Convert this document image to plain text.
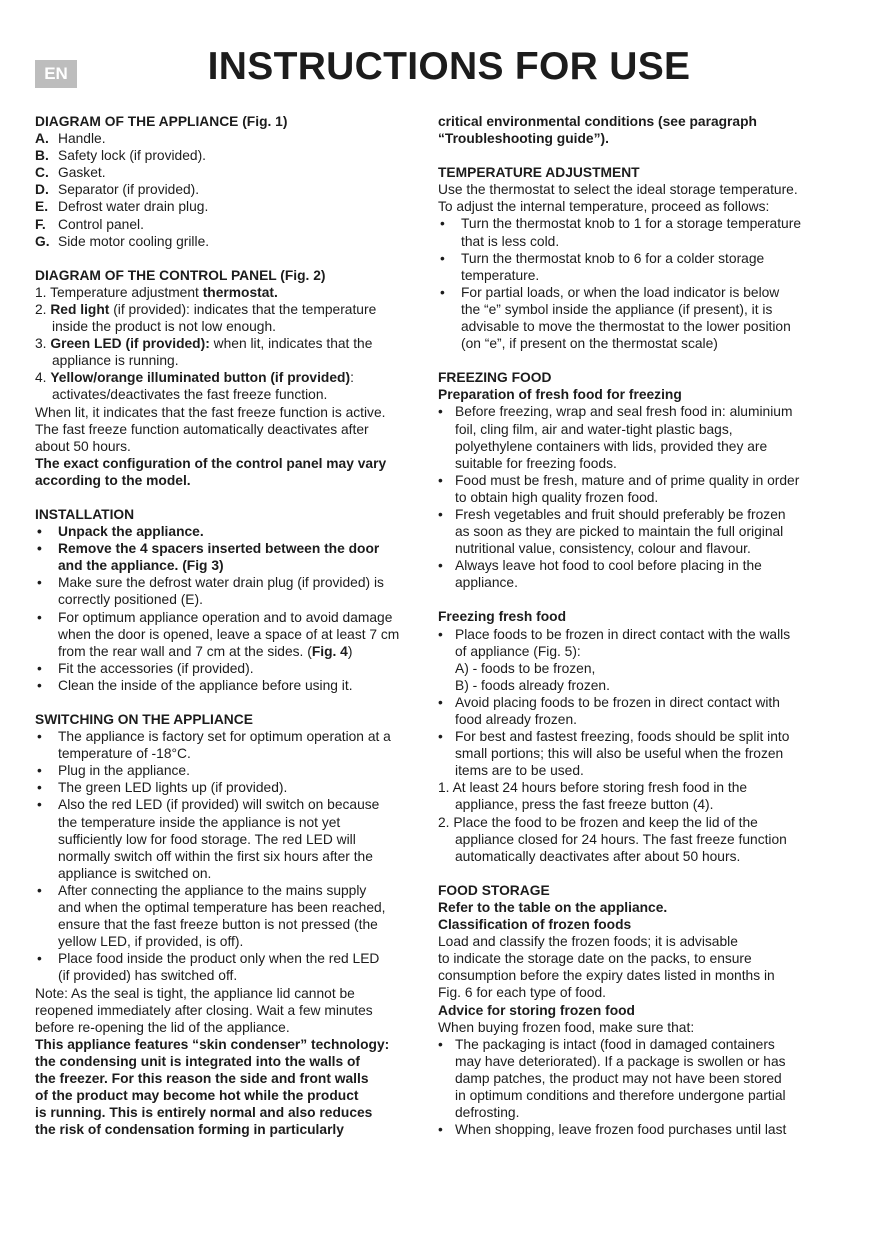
EN	INSTRUCTIONS FOR USE
DIAGRAM OF THE APPLIANCE (Fig. 1)
A. Handle.
B. Safety lock (if provided).
C. Gasket.
D. Separator (if provided).
E. Defrost water drain plug.
F. Control panel.
G. Side motor cooling grille.
DIAGRAM OF THE CONTROL PANEL (Fig. 2)
1. Temperature adjustment thermostat.
2. Red light (if provided): indicates that the temperature
inside the product is not low enough.
3. Green LED (if provided): when lit, indicates that the
appliance is running.
4. Yellow/orange illuminated button (if provided):
activates/deactivates the fast freeze function.
When lit, it indicates that the fast freeze function is active.
The fast freeze function automatically deactivates after
about 50 hours.
The exact configuration of the control panel may vary
according to the model.
INSTALLATION
• Unpack the appliance.
• Remove the 4 spacers inserted between the door
and the appliance. (Fig 3)
• Make sure the defrost water drain plug (if provided) is
correctly positioned (E).
• For optimum appliance operation and to avoid damage
when the door is opened, leave a space of at least 7 cm
from the rear wall and 7 cm at the sides. (Fig. 4)
• Fit the accessories (if provided).
• Clean the inside of the appliance before using it.
SWITCHING ON THE APPLIANCE
• The appliance is factory set for optimum operation at a
temperature of -18°C.
• Plug in the appliance.
• The green LED lights up (if provided).
• Also the red LED (if provided) will switch on because
the temperature inside the appliance is not yet
sufficiently low for food storage. The red LED will
normally switch off within the first six hours after the
appliance is switched on.
• After connecting the appliance to the mains supply
and when the optimal temperature has been reached,
ensure that the fast freeze button is not pressed (the
yellow LED, if provided, is off).
• Place food inside the product only when the red LED
(if provided) has switched off.
Note: As the seal is tight, the appliance lid cannot be
reopened immediately after closing. Wait a few minutes
before re-opening the lid of the appliance.
This appliance features “skin condenser” technology:
the condensing unit is integrated into the walls of
the freezer. For this reason the side and front walls
of the product may become hot while the product
is running. This is entirely normal and also reduces
the risk of condensation forming in particularly
critical environmental conditions (see paragraph
“Troubleshooting guide”).
TEMPERATURE ADJUSTMENT
Use the thermostat to select the ideal storage temperature.
To adjust the internal temperature, proceed as follows:
• Turn the thermostat knob to 1 for a storage temperature
that is less cold.
• Turn the thermostat knob to 6 for a colder storage
temperature.
• For partial loads, or when the load indicator is below
the “e” symbol inside the appliance (if present), it is
advisable to move the thermostat to the lower position
(on “e”, if present on the thermostat scale)
FREEZING FOOD
Preparation of fresh food for freezing
• Before freezing, wrap and seal fresh food in: aluminium
foil, cling film, air and water-tight plastic bags,
polyethylene containers with lids, provided they are
suitable for freezing foods.
• Food must be fresh, mature and of prime quality in order
to obtain high quality frozen food.
• Fresh vegetables and fruit should preferably be frozen
as soon as they are picked to maintain the full original
nutritional value, consistency, colour and flavour.
• Always leave hot food to cool before placing in the
appliance.
Freezing fresh food
• Place foods to be frozen in direct contact with the walls
of appliance (Fig. 5):
A) - foods to be frozen,
B) - foods already frozen.
• Avoid placing foods to be frozen in direct contact with
food already frozen.
• For best and fastest freezing, foods should be split into
small portions; this will also be useful when the frozen
items are to be used.
1. At least 24 hours before storing fresh food in the
appliance, press the fast freeze button (4).
2. Place the food to be frozen and keep the lid of the
appliance closed for 24 hours. The fast freeze function
automatically deactivates after about 50 hours.
FOOD STORAGE
Refer to the table on the appliance.
Classification of frozen foods
Load and classify the frozen foods; it is advisable
to indicate the storage date on the packs, to ensure
consumption before the expiry dates listed in months in
Fig. 6 for each type of food.
Advice for storing frozen food
When buying frozen food, make sure that:
• The packaging is intact (food in damaged containers
may have deteriorated). If a package is swollen or has
damp patches, the product may not have been stored
in optimum conditions and therefore undergone partial
defrosting.
• When shopping, leave frozen food purchases until last
